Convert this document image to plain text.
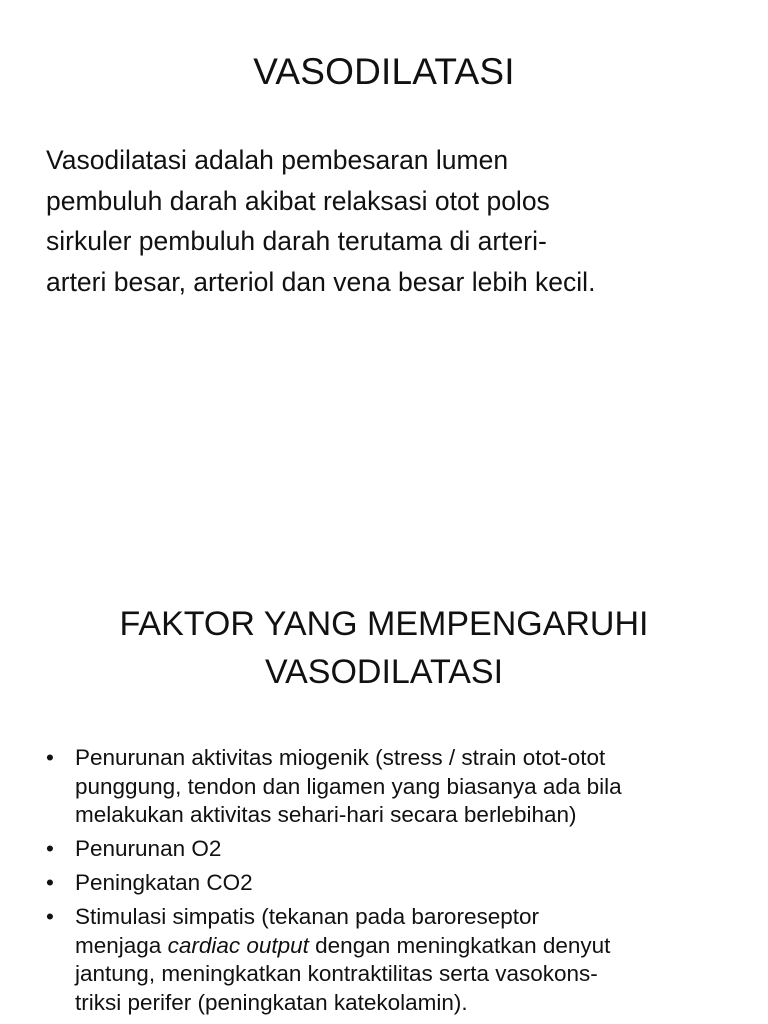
VASODILATASI

Vasodilatasi adalah pembesaran lumen

pembuluh darah akibat relaksasi otot polos

sirkuler pembuluh darah terutama di arteri-

arteri besar, arteriol dan vena besar lebih kecil.

FAKTOR YANG MEMPENGARUHI
VASODILATASI
• Penurunan aktivitas miogenik (stress / strain otot-otot
punggung, tendon dan ligamen yang biasanya ada bila
melakukan aktivitas sehari-hari secara berlebihan)
• Penurunan O2
• Peningkatan CO2
• Stimulasi simpatis (tekanan pada baroreseptor
menjaga cardiac output dengan meningkatkan denyut
jantung, meningkatkan kontraktilitas serta vasokons-
triksi perifer (peningkatan katekolamin).
